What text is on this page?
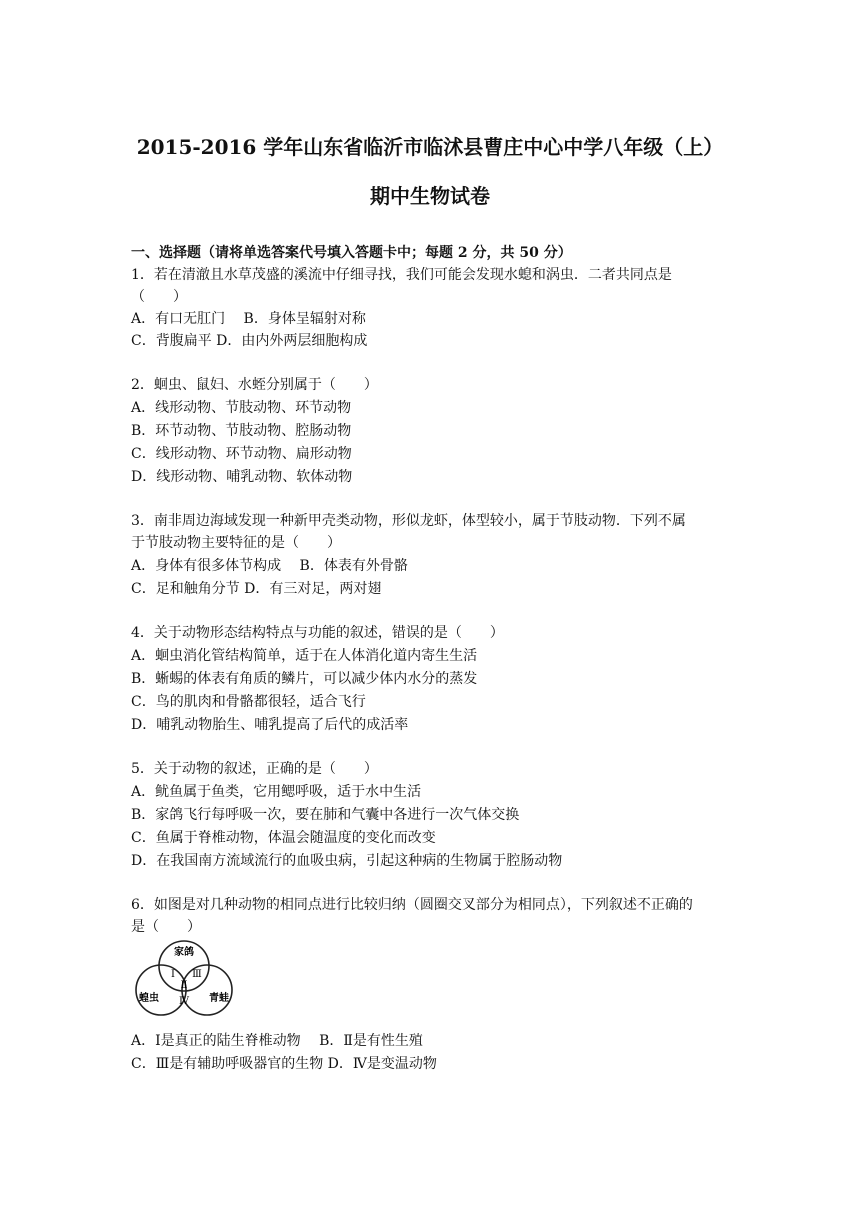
2015-2016 学年山东省临沂市临沭县曹庄中心中学八年级（上）
期中生物试卷
一、选择题（请将单选答案代号填入答题卡中；每题 2 分，共 50 分）
1．若在清澈且水草茂盛的溪流中仔细寻找，我们可能会发现水螅和涡虫．二者共同点是
（　　）
A．有口无肛门　 B．身体呈辐射对称
C．背腹扁平 D．由内外两层细胞构成
2．蛔虫、鼠妇、水蛭分别属于（　　）
A．线形动物、节肢动物、环节动物
B．环节动物、节肢动物、腔肠动物
C．线形动物、环节动物、扁形动物
D．线形动物、哺乳动物、软体动物
3．南非周边海域发现一种新甲壳类动物，形似龙虾，体型较小，属于节肢动物．下列不属
于节肢动物主要特征的是（　　）
A．身体有很多体节构成　 B．体表有外骨骼
C．足和触角分节 D．有三对足，两对翅
4．关于动物形态结构特点与功能的叙述，错误的是（　　）
A．蛔虫消化管结构简单，适于在人体消化道内寄生生活
B．蜥蜴的体表有角质的鳞片，可以减少体内水分的蒸发
C．鸟的肌肉和骨骼都很轻，适合飞行
D．哺乳动物胎生、哺乳提高了后代的成活率
5．关于动物的叙述，正确的是（　　）
A．鱿鱼属于鱼类，它用鳃呼吸，适于水中生活
B．家鸽飞行每呼吸一次，要在肺和气囊中各进行一次气体交换
C．鱼属于脊椎动物，体温会随温度的变化而改变
D．在我国南方流域流行的血吸虫病，引起这种病的生物属于腔肠动物
6．如图是对几种动物的相同点进行比较归纳（圆圈交叉部分为相同点），下列叙述不正确的
是（　　）
家鸽
蝗虫	青蛙
Ⅰ
Ⅱ
Ⅲ
Ⅳ
A．Ⅰ是真正的陆生脊椎动物　 B．Ⅱ是有性生殖
C．Ⅲ是有辅助呼吸器官的生物 D．Ⅳ是变温动物
